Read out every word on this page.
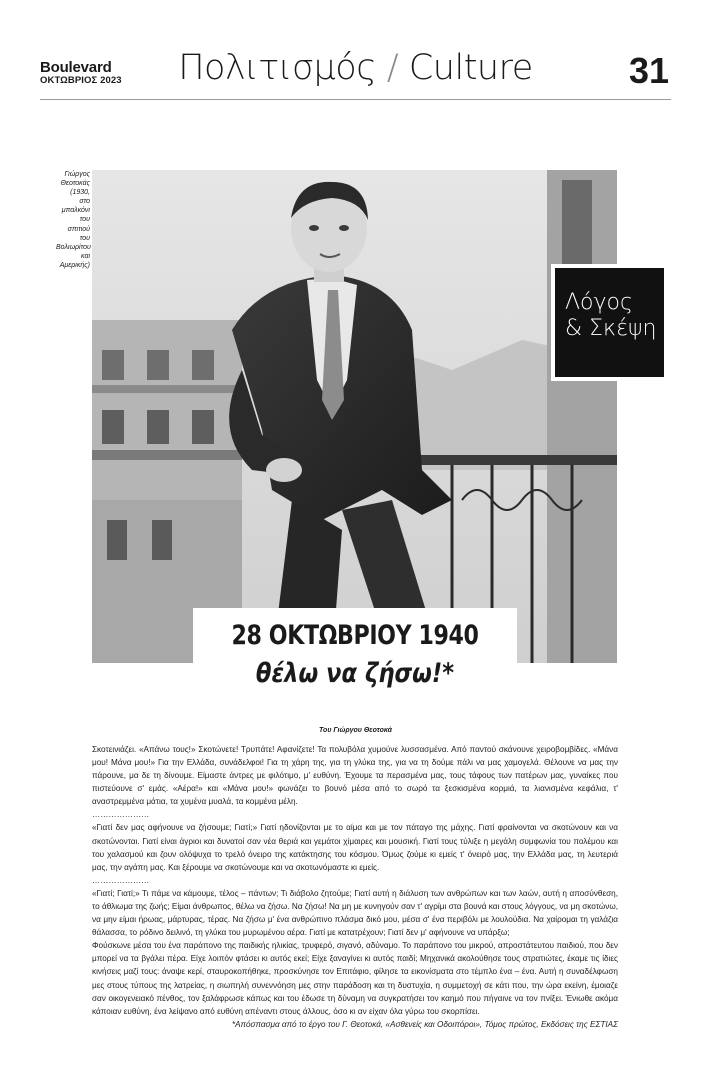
Boulevard
ΟΚΤΩΒΡΙΟΣ 2023	Πολιτισμός / Culture	31
Γιώργος
Θεοτοκάς
(1930,
στο μπαλκόνι
του σπιτιού του
Βολιωρίτου
και Αμερικής)
Λόγος
& Σκέψη
28 ΟΚΤΩΒΡΙΟΥ 1940
θέλω να ζήσω!*
Του Γιώργου Θεοτοκά

Σκοτεινιάζει. «Απάνω τους!» Σκοτώνετε! Τρυπάτε! Αφανίζετε! Τα πολυβόλα χυμούνε λυσσασμένα. Από παντού σκάνουνε χειροβομβίδες. «Μάνα μου! Μάνα μου!» Για την Ελλάδα, συνάδελφοι! Για τη χάρη της, για τη γλύκα της, για να τη δούμε πάλι να μας χαμογελά. Θέλουνε να μας την πάρουνε, μα δε τη δίνουμε. Είμαστε άντρες με φιλότιμο, μ' ευθύνη. Έχουμε τα περασμένα μας, τους τάφους των πατέρων μας, γυναίκες που πιστεύουνε σ' εμάς. «Αέρα!» και «Μάνα μου!» φωνάζει το βουνό μέσα από το σωρό τα ξεσκισμένα κορμιά, τα λιανισμένα κεφάλια, τ' αναστρεμμένα μάτια, τα χυμένα μυαλά, τα κομμένα μέλη.

…………………

«Γιατί δεν μας αφήνουνε να ζήσουμε; Γιατί;» Γιατί ηδονίζονται με το αίμα και με τον πάταγο της μάχης. Γιατί φραίνονται να σκοτώνουν και να σκοτώνονται. Γιατί είναι άγριοι και δυνατοί σαν νέα θεριά και γεμάτοι χίμαιρες και μουσική. Γιατί τους τύλιξε η μεγάλη συμφωνία του πολέμου και του χαλασμού και ζουν ολόψυχα το τρελό όνειρο της κατάκτησης του κόσμου. Όμως ζούμε κι εμείς τ' όνειρό μας, την Ελλάδα μας, τη λευτεριά μας, την αγάπη μας. Και ξέρουμε να σκοτώνουμε και να σκοτωνόμαστε κι εμείς.

…………………

«Γιατί; Γιατί;» Τι πάμε να κάμουμε, τέλος – πάντων; Τι διάβολο ζητούμε; Γιατί αυτή η διάλυση των ανθρώπων και των λαών, αυτή η αποσύνθεση, το άθλιωμα της ζωής; Είμαι άνθρωπος, θέλω να ζήσω. Να ζήσω! Να μη με κυνηγούν σαν τ' αγρίμι στα βουνά και στους λόγγους, να μη σκοτώνω, να μην είμαι ήρωας, μάρτυρας, τέρας. Να ζήσω μ' ένα ανθρώπινο πλάσμα δικό μου, μέσα σ' ένα περιβόλι με λουλούδια. Να χαίρομαι τη γαλάζια θάλασσα, το ρόδινο δειλινό, τη γλύκα του μυρωμένου αέρα. Γιατί με κατατρέχουν; Γιατί δεν μ' αφήνουνε να υπάρξω;

Φούσκωνε μέσα του ένα παράπονο της παιδικής ηλικίας, τρυφερό, σιγανό, αδύναμο. Το παράπονο του μικρού, απροστάτευτου παιδιού, που δεν μπορεί να τα βγάλει πέρα. Είχε λοιπόν φτάσει κι αυτός εκεί; Είχε ξαναγίνει κι αυτός παιδί; Μηχανικά ακολούθησε τους στρατιώτες, έκαμε τις ίδιες κινήσεις μαζί τους: άναψε κερί, σταυροκοπήθηκε, προσκύνησε τον Επιτάφιο, φίλησε τα εικονίσματα στο τέμπλο ένα – ένα. Αυτή η συναδέλφωση μες στους τύπους της λατρείας, η σιωπηλή συνεννόηση μες στην παράδοση και τη δυστυχία, η συμμετοχή σε κάτι που, την ώρα εκείνη, έμοιαζε σαν οικογενειακό πένθος, τον ξαλάφρωσε κάπως και του έδωσε τη δύναμη να συγκρατήσει τον καημό που πήγαινε να τον πνίξει. Ένιωθε ακόμα κάποιαν ευθύνη, ένα λείψανο από ευθύνη απέναντι στους άλλους, όσο κι αν είχαν όλα γύρω του σκορπίσει.

*Απόσπασμα από το έργο του Γ. Θεοτοκά, «Ασθενείς και Οδοιπόροι», Τόμος πρώτος, Εκδόσεις της ΕΣΤΙΑΣ
